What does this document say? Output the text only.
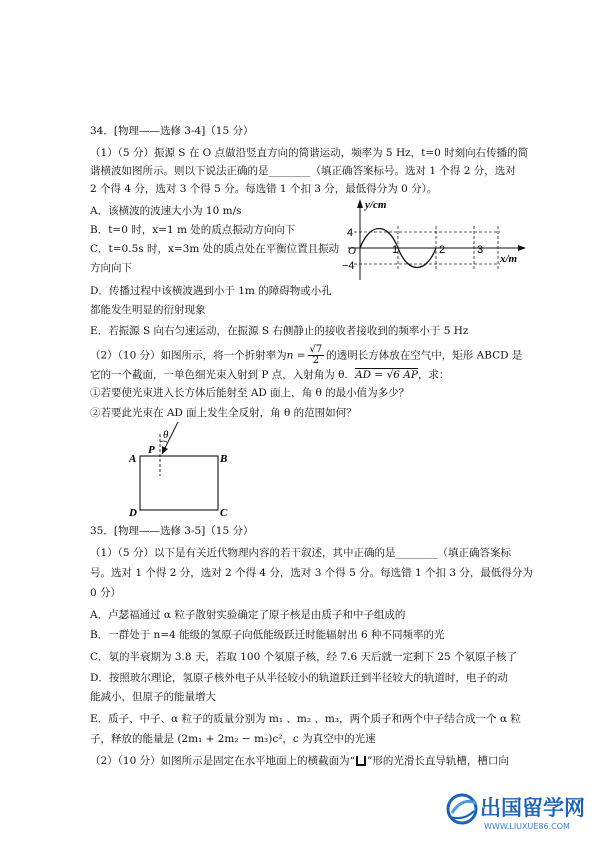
34．[物理——选修 3-4]（15 分）
（1）（5 分）振源 S 在 O 点做沿竖直方向的简谐运动，频率为 5 Hz，t=0 时刻向右传播的简
谐横波如图所示。则以下说法正确的是________（填正确答案标号。选对 1 个得 2 分，选对
2 个得 4 分，选对 3 个得 5 分。每选错 1 个扣 3 分，最低得分为 0 分）。
A．该横波的波速大小为 10 m/s
B．t=0 时，x=1 m 处的质点振动方向向下
C．t=0.5s 时，x=3m 处的质点处在平衡位置且振动
方向向下
D．传播过程中该横波遇到小于 1m 的障碍物或小孔
都能发生明显的衍射现象
E．若振源 S 向右匀速运动，在振源 S 右侧静止的接收者接收到的频率小于 5 Hz
y/cm
x/m
4
−4
O	1	2	3
（2）（10 分）如图所示，将一个折射率为$n = \frac{√7}{2}$ 的透明长方体放在空气中，矩形 ABCD 是
它的一个截面，一单色细光束入射到 P 点，入射角为 θ. AD = √6 AP，求：
①若要使光束进入长方体后能射至 AD 面上，角 θ 的最小值为多少？
②若要此光束在 AD 面上发生全反射，角 θ 的范围如何？
θ
P
A	B
D	C
35．[物理——选修 3-5]（15 分）
（1）（5 分）以下是有关近代物理内容的若干叙述，其中正确的是________（填正确答案标
号。选对 1 个得 2 分，选对 2 个得 4 分，选对 3 个得 5 分。每选错 1 个扣 3 分，最低得分为
0 分）
A．卢瑟福通过 α 粒子散射实验确定了原子核是由质子和中子组成的
B．一群处于 n=4 能级的氢原子向低能级跃迁时能辐射出 6 种不同频率的光
C．氡的半衰期为 3.8 天，若取 100 个氡原子核，经 7.6 天后就一定剩下 25 个氡原子核了
D．按照玻尔理论，氢原子核外电子从半径较小的轨道跃迁到半径较大的轨道时，电子的动
能减小，但原子的能量增大
E．质子、中子、α 粒子的质量分别为 m₁ 、m₂ 、m₃，两个质子和两个中子结合成一个 α 粒
子，释放的能量是 (2m₁ + 2m₂ − m₃)c²，c 为真空中的光速
（2）（10 分）如图所示是固定在水平地面上的横截面为“ ”形的光滑长直导轨槽，槽口向
出国留学网
WWW.LIUXUE86.COM
